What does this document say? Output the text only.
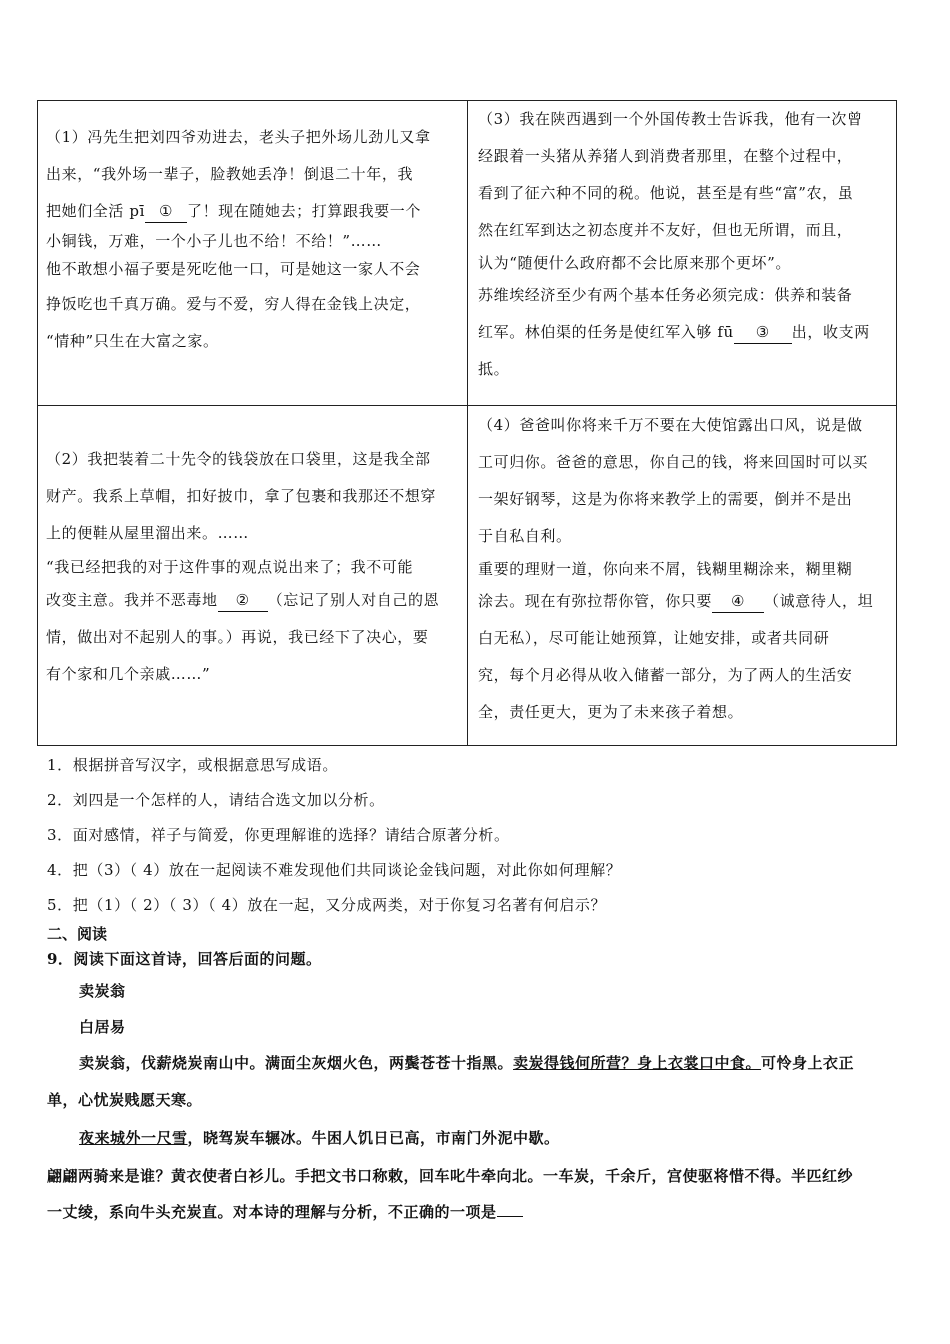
（1）冯先生把刘四爷劝进去，老头子把外场儿劲儿又拿

出来，“我外场一辈子，脸教她丢净！倒退二十年，我

把她们全活 pī ① 了！现在随她去；打算跟我要一个

小铜钱，万难，一个小子儿也不给！不给！”……

他不敢想小福子要是死吃他一口，可是她这一家人不会

挣饭吃也千真万确。爱与不爱，穷人得在金钱上决定，

“情种”只生在大富之家。

（3）我在陕西遇到一个外国传教士告诉我，他有一次曾

经跟着一头猪从养猪人到消费者那里，在整个过程中，

看到了征六种不同的税。他说，甚至是有些“富”农，虽

然在红军到达之初态度并不友好，但也无所谓，而且，

认为“随便什么政府都不会比原来那个更坏”。

苏维埃经济至少有两个基本任务必须完成：供养和装备

红军。林伯渠的任务是使红军入够 fū ③ 出，收支两

抵。

（2）我把装着二十先令的钱袋放在口袋里，这是我全部

财产。我系上草帽，扣好披巾，拿了包裹和我那还不想穿

上的便鞋从屋里溜出来。……

“我已经把我的对于这件事的观点说出来了；我不可能

改变主意。我并不恶毒地 ② （忘记了别人对自己的恩

情，做出对不起别人的事。）再说，我已经下了决心，要

有个家和几个亲戚……”

（4）爸爸叫你将来千万不要在大使馆露出口风，说是做

工可归你。爸爸的意思，你自己的钱，将来回国时可以买

一架好钢琴，这是为你将来教学上的需要，倒并不是出

于自私自利。

重要的理财一道，你向来不屑，钱糊里糊涂来，糊里糊

涂去。现在有弥拉帮你管，你只要 ④ （诚意待人，坦

白无私），尽可能让她预算，让她安排，或者共同研

究，每个月必得从收入储蓄一部分，为了两人的生活安

全，责任更大，更为了未来孩子着想。

1．根据拼音写汉字，或根据意思写成语。

2．刘四是一个怎样的人，请结合选文加以分析。

3．面对感情，祥子与简爱，你更理解谁的选择？请结合原著分析。

4．把（3）（ 4）放在一起阅读不难发现他们共同谈论金钱问题，对此你如何理解？

5．把（1）（ 2）（ 3）（ 4）放在一起，又分成两类，对于你复习名著有何启示？

二、阅读

9．阅读下面这首诗，回答后面的问题。

卖炭翁

白居易

卖炭翁，伐薪烧炭南山中。满面尘灰烟火色，两鬓苍苍十指黑。卖炭得钱何所营？身上衣裳口中食。可怜身上衣正

单，心忧炭贱愿天寒。

夜来城外一尺雪，晓驾炭车辗冰。牛困人饥日已高，市南门外泥中歇。

翩翩两骑来是谁？黄衣使者白衫儿。手把文书口称敕，回车叱牛牵向北。一车炭，千余斤，宫使驱将惜不得。半匹红纱

一丈绫，系向牛头充炭直。对本诗的理解与分析，不正确的一项是
